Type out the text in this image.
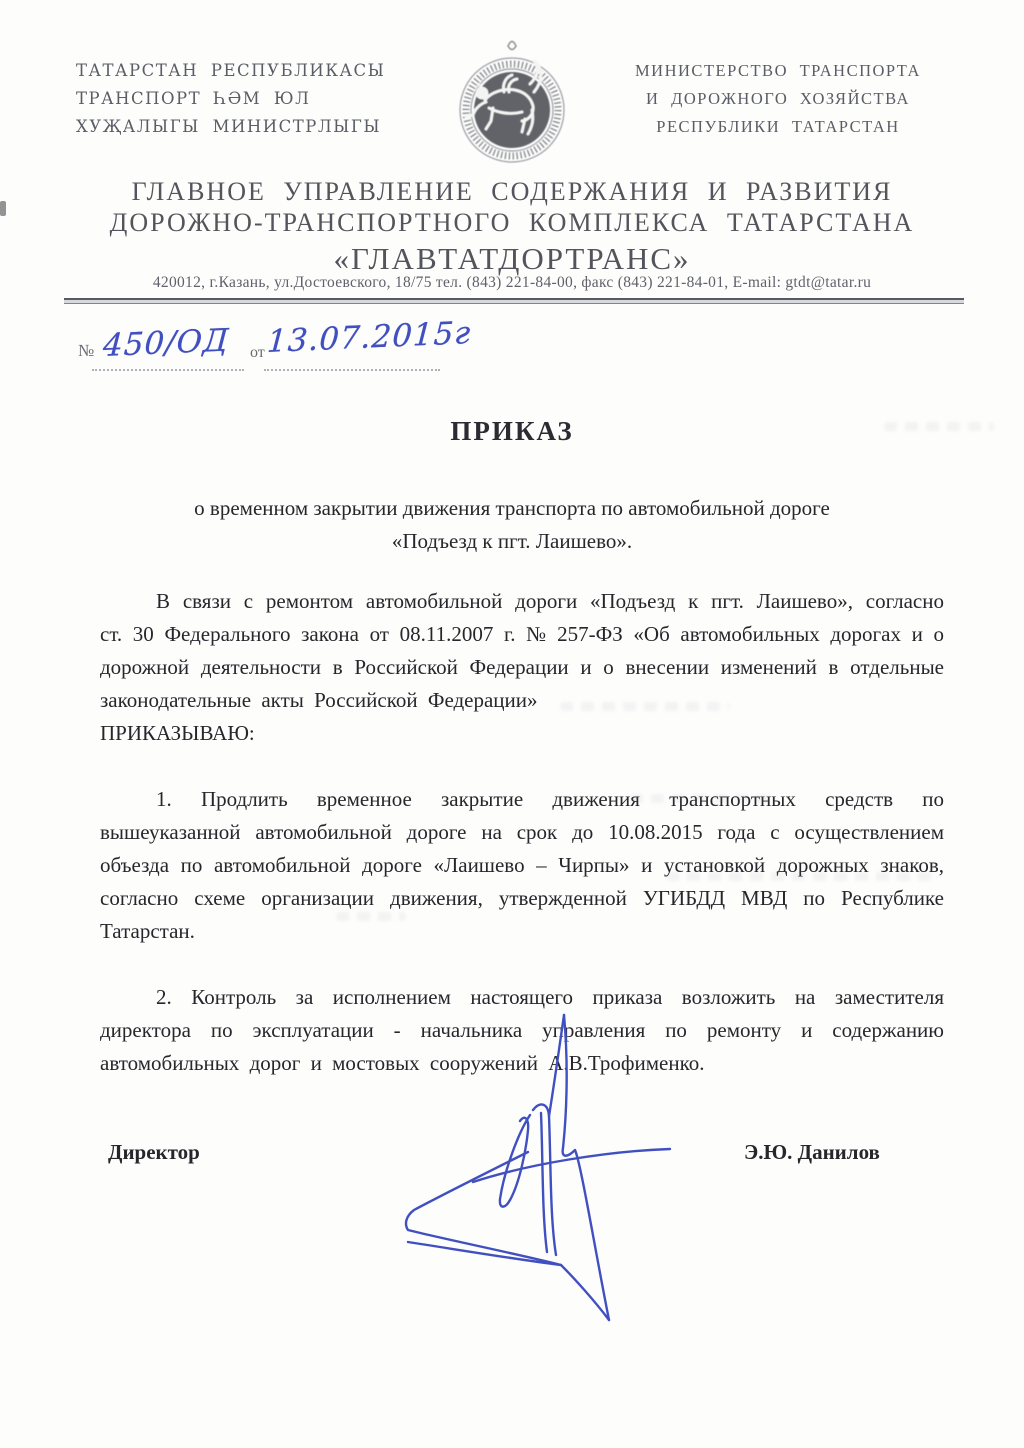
ТАТАРСТАН РЕСПУБЛИКАСЫ
ТРАНСПОРТ ҺӘМ ЮЛ
ХУҖАЛЫГЫ МИНИСТРЛЫГЫ
МИНИСТЕРСТВО ТРАНСПОРТА
И ДОРОЖНОГО ХОЗЯЙСТВА
РЕСПУБЛИКИ ТАТАРСТАН
ГЛАВНОЕ УПРАВЛЕНИЕ СОДЕРЖАНИЯ И РАЗВИТИЯ
ДОРОЖНО-ТРАНСПОРТНОГО КОМПЛЕКСА ТАТАРСТАНА
«ГЛАВТАТДОРТРАНС»
420012, г.Казань, ул.Достоевского, 18/75 тел. (843) 221-84-00, факс (843) 221-84-01, E-mail: gtdt@tatar.ru
№ 450/ОД от 13.07.2015г
ПРИКАЗ
о временном закрытии движения транспорта по автомобильной дороге
«Подъезд к пгт. Лаишево».

В связи с ремонтом автомобильной дороги «Подъезд к пгт. Лаишево», согласно ст. 30 Федерального закона от 08.11.2007 г. № 257-ФЗ «Об автомобильных дорогах и о дорожной деятельности в Российской Федерации и о внесении изменений в отдельные законодательные акты Российской Федерации»

ПРИКАЗЫВАЮ:

1. Продлить временное закрытие движения транспортных средств по вышеуказанной автомобильной дороге на срок до 10.08.2015 года с осуществлением объезда по автомобильной дороге «Лаишево – Чирпы» и установкой дорожных знаков, согласно схеме организации движения, утвержденной УГИБДД МВД по Республике Татарстан.

2. Контроль за исполнением настоящего приказа возложить на заместителя директора по эксплуатации - начальника управления по ремонту и содержанию автомобильных дорог и мостовых сооружений А.В.Трофименко.

Директор	Э.Ю. Данилов
